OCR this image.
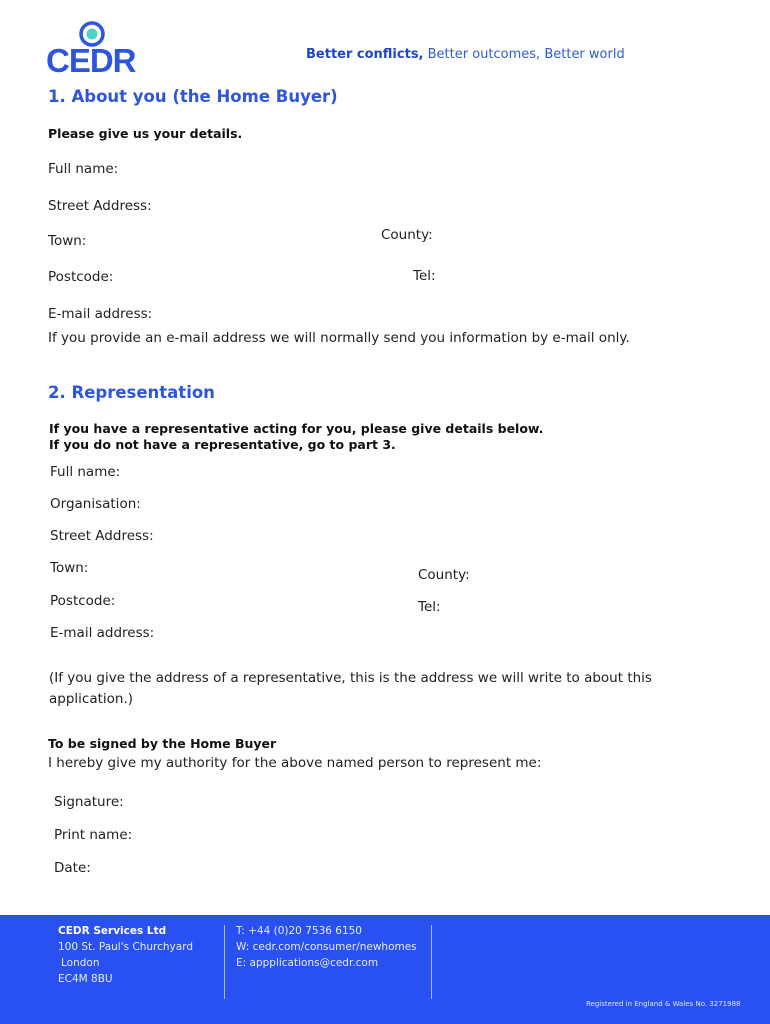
CEDR	Better conflicts, Better outcomes, Better world
1. About you (the Home Buyer)
Please give us your details.
Full name:
Street Address:
Town:	County:
Postcode:	Tel:
E-mail address:
If you provide an e-mail address we will normally send you information by e-mail only.
2. Representation
If you have a representative acting for you, please give details below.
If you do not have a representative, go to part 3.
Full name:
Organisation:
Street Address:
Town:	County:
Postcode:	Tel:
E-mail address:
(If you give the address of a representative, this is the address we will write to about this application.)
To be signed by the Home Buyer
I hereby give my authority for the above named person to represent me:
Signature:
Print name:
Date:
CEDR Services Ltd
100 St. Paul's Churchyard
London
EC4M 8BU
T: +44 (0)20 7536 6150
W: cedr.com/consumer/newhomes
E: appplications@cedr.com
Registered in England & Wales No. 3271988
